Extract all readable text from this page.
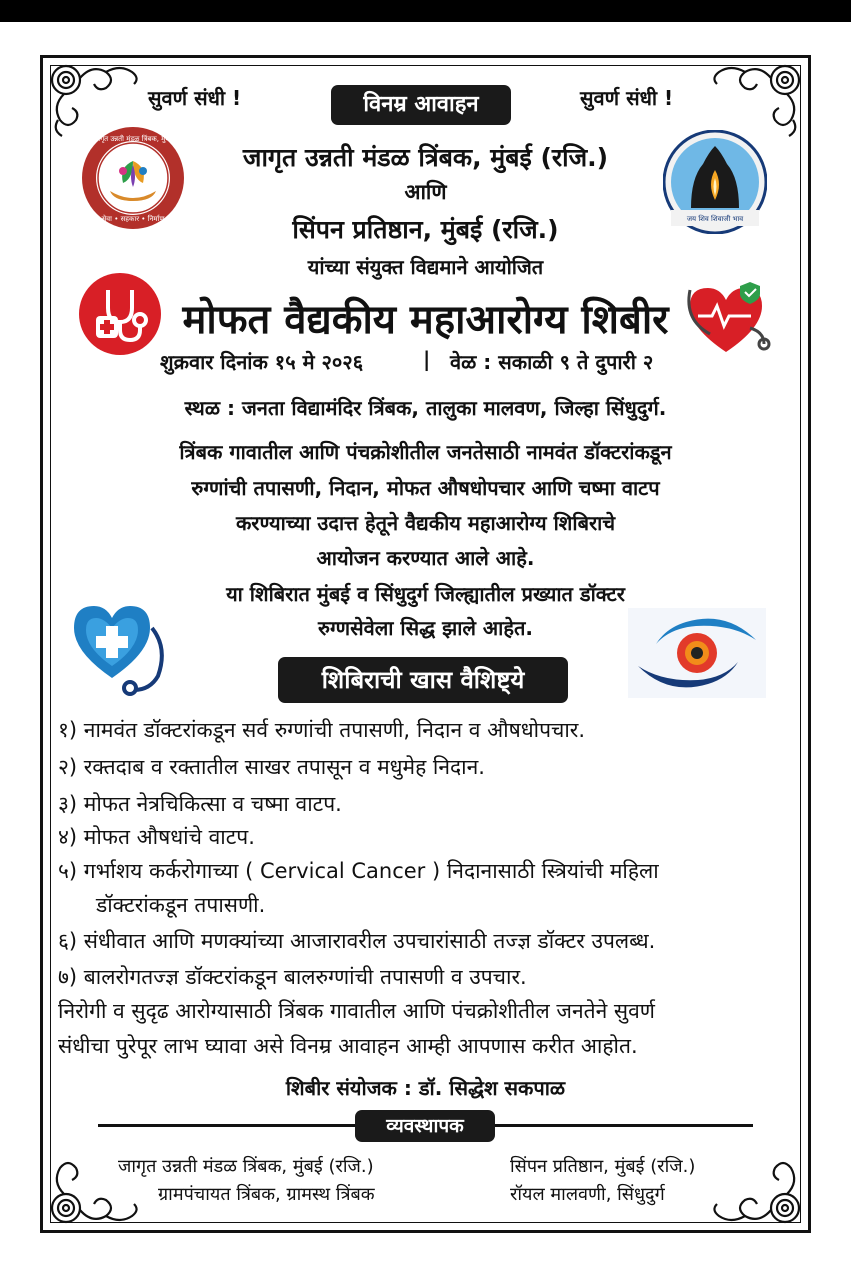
सुवर्ण संधी !	विनम्र आवाहन	सुवर्ण संधी !
जागृत उन्नती मंडळ त्रिंबक, मुंबई
सेवा • सहकार • निर्माण	जय शिव शिवाजी भाव
जागृत उन्नती मंडळ त्रिंबक, मुंबई (रजि.)
आणि
सिंपन प्रतिष्ठान, मुंबई (रजि.)
यांच्या संयुक्त विद्यमाने आयोजित
मोफत वैद्यकीय महाआरोग्य शिबीर
शुक्रवार दिनांक १५ मे २०२६	| वेळ : सकाळी ९ ते दुपारी २
स्थळ : जनता विद्यामंदिर त्रिंबक, तालुका मालवण, जिल्हा सिंधुदुर्ग.
त्रिंबक गावातील आणि पंचक्रोशीतील जनतेसाठी नामवंत डॉक्टरांकडून
रुग्णांची तपासणी, निदान, मोफत औषधोपचार आणि चष्मा वाटप
करण्याच्या उदात्त हेतूने वैद्यकीय महाआरोग्य शिबिराचे
आयोजन करण्यात आले आहे.
या शिबिरात मुंबई व सिंधुदुर्ग जिल्ह्यातील प्रख्यात डॉक्टर
रुग्णसेवेला सिद्ध झाले आहेत.
शिबिराची खास वैशिष्ट्ये
१) नामवंत डॉक्टरांकडून सर्व रुग्णांची तपासणी, निदान व औषधोपचार.
२) रक्तदाब व रक्तातील साखर तपासून व मधुमेह निदान.
३) मोफत नेत्रचिकित्सा व चष्मा वाटप.
४) मोफत औषधांचे वाटप.
५) गर्भाशय कर्करोगाच्या ( Cervical Cancer ) निदानासाठी स्त्रियांची महिला
डॉक्टरांकडून तपासणी.
६) संधीवात आणि मणक्यांच्या आजारावरील उपचारांसाठी तज्ज्ञ डॉक्टर उपलब्ध.
७) बालरोगतज्ज्ञ डॉक्टरांकडून बालरुग्णांची तपासणी व उपचार.
निरोगी व सुदृढ आरोग्यासाठी त्रिंबक गावातील आणि पंचक्रोशीतील जनतेने सुवर्ण
संधीचा पुरेपूर लाभ घ्यावा असे विनम्र आवाहन आम्ही आपणास करीत आहोत.
शिबीर संयोजक : डॉ. सिद्धेश सकपाळ
व्यवस्थापक
जागृत उन्नती मंडळ त्रिंबक, मुंबई (रजि.)
ग्रामपंचायत त्रिंबक, ग्रामस्थ त्रिंबक
सिंपन प्रतिष्ठान, मुंबई (रजि.)
रॉयल मालवणी, सिंधुदुर्ग
